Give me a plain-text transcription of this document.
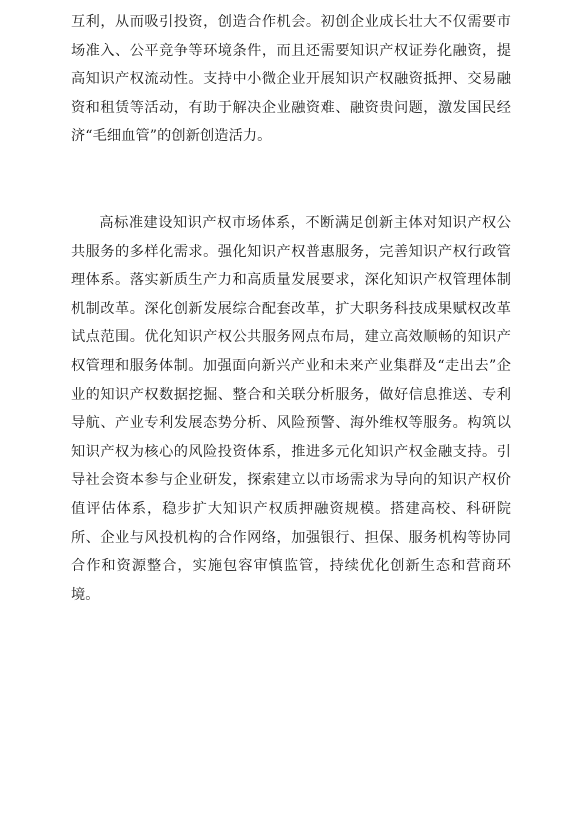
互利，从而吸引投资，创造合作机会。初创企业成长壮大不仅需要市场准入、公平竞争等环境条件，而且还需要知识产权证券化融资，提高知识产权流动性。支持中小微企业开展知识产权融资抵押、交易融资和租赁等活动，有助于解决企业融资难、融资贵问题，激发国民经济“毛细血管”的创新创造活力。

高标准建设知识产权市场体系，不断满足创新主体对知识产权公共服务的多样化需求。强化知识产权普惠服务，完善知识产权行政管理体系。落实新质生产力和高质量发展要求，深化知识产权管理体制机制改革。深化创新发展综合配套改革，扩大职务科技成果赋权改革试点范围。优化知识产权公共服务网点布局，建立高效顺畅的知识产权管理和服务体制。加强面向新兴产业和未来产业集群及“走出去”企业的知识产权数据挖掘、整合和关联分析服务，做好信息推送、专利导航、产业专利发展态势分析、风险预警、海外维权等服务。构筑以知识产权为核心的风险投资体系，推进多元化知识产权金融支持。引导社会资本参与企业研发，探索建立以市场需求为导向的知识产权价值评估体系，稳步扩大知识产权质押融资规模。搭建高校、科研院所、企业与风投机构的合作网络，加强银行、担保、服务机构等协同合作和资源整合，实施包容审慎监管，持续优化创新生态和营商环境。
